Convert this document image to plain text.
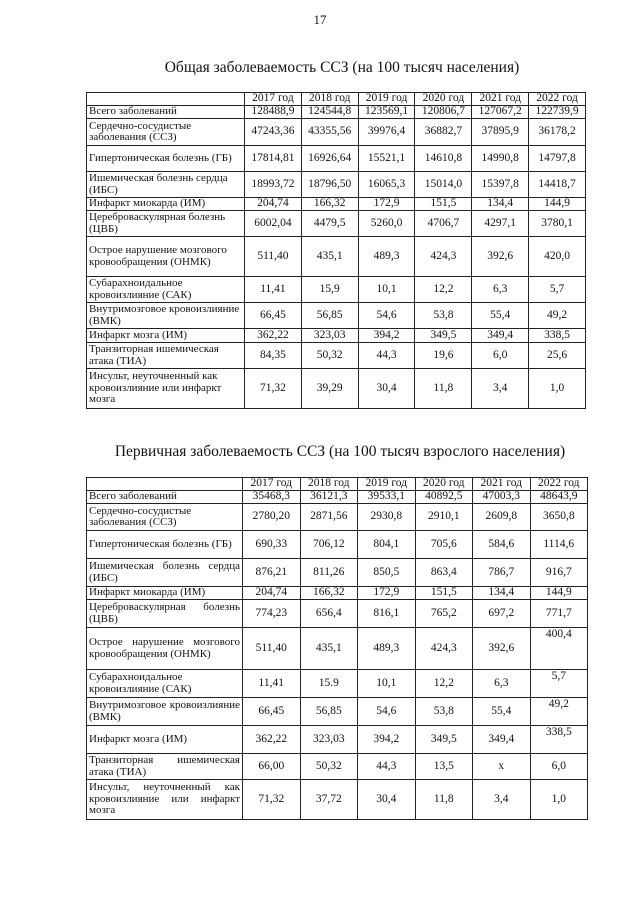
17
Общая заболеваемость ССЗ (на 100 тысяч населения)
	2017 год	2018 год	2019 год	2020 год	2021 год	2022 год
Всего заболеваний	128488,9	124544,8	123569,1	120806,7	127067,2	122739,9
Сердечно-сосудистые заболевания (ССЗ)	47243,36	43355,56	39976,4	36882,7	37895,9	36178,2
Гипертоническая болезнь (ГБ)	17814,81	16926,64	15521,1	14610,8	14990,8	14797,8
Ишемическая болезнь сердца (ИБС)	18993,72	18796,50	16065,3	15014,0	15397,8	14418,7
Инфаркт миокарда (ИМ)	204,74	166,32	172,9	151,5	134,4	144,9
Цереброваскулярная болезнь (ЦВБ)	6002,04	4479,5	5260,0	4706,7	4297,1	3780,1
Острое нарушение мозгового кровообращения (ОНМК)	511,40	435,1	489,3	424,3	392,6	420,0
Субарахноидальное кровоизлияние (САК)	11,41	15,9	10,1	12,2	6,3	5,7
Внутримозговое кровоизлияние (ВМК)	66,45	56,85	54,6	53,8	55,4	49,2
Инфаркт мозга (ИМ)	362,22	323,03	394,2	349,5	349,4	338,5
Транзиторная ишемическая атака (ТИА)	84,35	50,32	44,3	19,6	6,0	25,6
Инсульт, неуточненный как кровоизлияние или инфаркт мозга	71,32	39,29	30,4	11,8	3,4	1,0
Первичная заболеваемость ССЗ (на 100 тысяч взрослого населения)
	2017 год	2018 год	2019 год	2020 год	2021 год	2022 год
Всего заболеваний	35468,3	36121,3	39533,1	40892,5	47003,3	48643,9
Сердечно-сосудистые заболевания (ССЗ)	2780,20	2871,56	2930,8	2910,1	2609,8	3650,8
Гипертоническая болезнь (ГБ)	690,33	706,12	804,1	705,6	584,6	1114,6
Ишемическая болезнь сердца (ИБС)	876,21	811,26	850,5	863,4	786,7	916,7
Инфаркт миокарда (ИМ)	204,74	166,32	172,9	151,5	134,4	144,9
Цереброваскулярная болезнь (ЦВБ)	774,23	656,4	816,1	765,2	697,2	771,7
Острое нарушение мозгового кровообращения (ОНМК)	511,40	435,1	489,3	424,3	392,6	400,4
Субарахноидальное кровоизлияние (САК)	11,41	15.9	10,1	12,2	6,3	5,7
Внутримозговое кровоизлияние (ВМК)	66,45	56,85	54,6	53,8	55,4	49,2
Инфаркт мозга (ИМ)	362,22	323,03	394,2	349,5	349,4	338,5
Транзиторная ишемическая атака (ТИА)	66,00	50,32	44,3	13,5	х	6,0
Инсульт, неуточненный как кровоизлияние или инфаркт мозга	71,32	37,72	30,4	11,8	3,4	1,0
